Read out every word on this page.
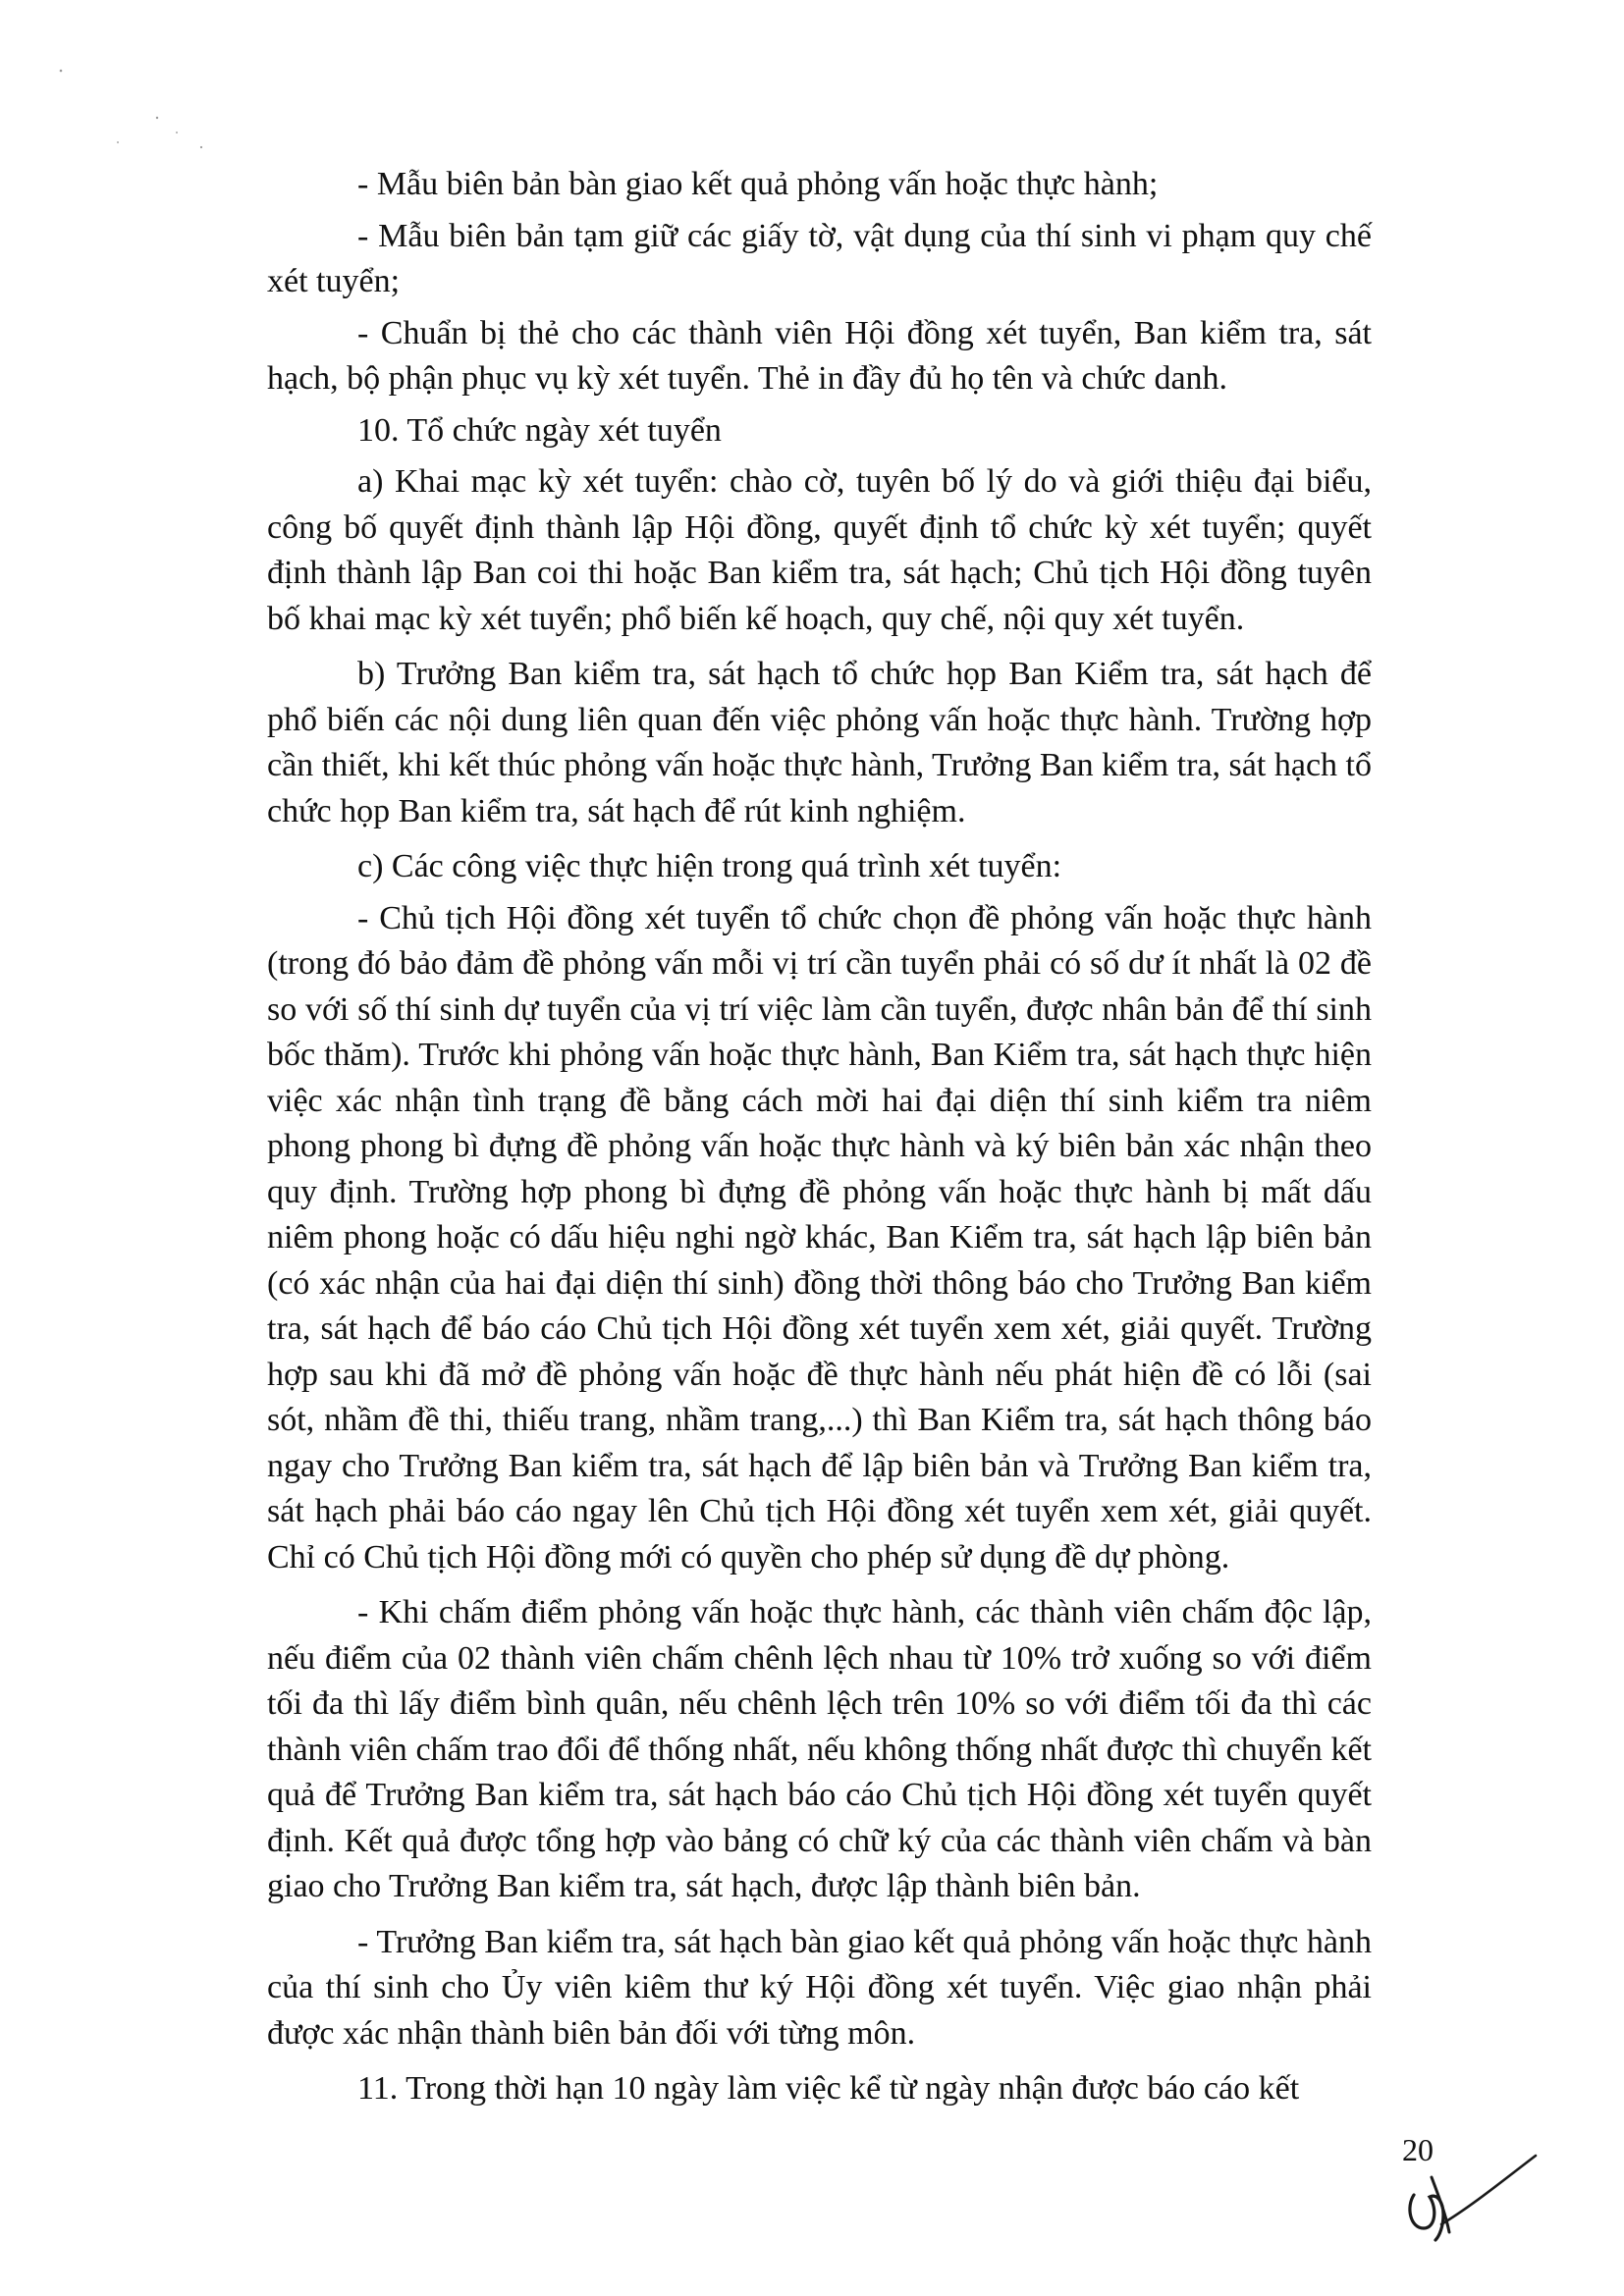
- Mẫu biên bản bàn giao kết quả phỏng vấn hoặc thực hành;

- Mẫu biên bản tạm giữ các giấy tờ, vật dụng của thí sinh vi phạm quy chế xét tuyển;

- Chuẩn bị thẻ cho các thành viên Hội đồng xét tuyển, Ban kiểm tra, sát hạch, bộ phận phục vụ kỳ xét tuyển. Thẻ in đầy đủ họ tên và chức danh.

10. Tổ chức ngày xét tuyển

a) Khai mạc kỳ xét tuyển: chào cờ, tuyên bố lý do và giới thiệu đại biểu, công bố quyết định thành lập Hội đồng, quyết định tổ chức kỳ xét tuyển; quyết định thành lập Ban coi thi hoặc Ban kiểm tra, sát hạch; Chủ tịch Hội đồng tuyên bố khai mạc kỳ xét tuyển; phổ biến kế hoạch, quy chế, nội quy xét tuyển.

b) Trưởng Ban kiểm tra, sát hạch tổ chức họp Ban Kiểm tra, sát hạch để phổ biến các nội dung liên quan đến việc phỏng vấn hoặc thực hành. Trường hợp cần thiết, khi kết thúc phỏng vấn hoặc thực hành, Trưởng Ban kiểm tra, sát hạch tổ chức họp Ban kiểm tra, sát hạch để rút kinh nghiệm.

c) Các công việc thực hiện trong quá trình xét tuyển:

- Chủ tịch Hội đồng xét tuyển tổ chức chọn đề phỏng vấn hoặc thực hành (trong đó bảo đảm đề phỏng vấn mỗi vị trí cần tuyển phải có số dư ít nhất là 02 đề so với số thí sinh dự tuyển của vị trí việc làm cần tuyển, được nhân bản để thí sinh bốc thăm). Trước khi phỏng vấn hoặc thực hành, Ban Kiểm tra, sát hạch thực hiện việc xác nhận tình trạng đề bằng cách mời hai đại diện thí sinh kiểm tra niêm phong phong bì đựng đề phỏng vấn hoặc thực hành và ký biên bản xác nhận theo quy định. Trường hợp phong bì đựng đề phỏng vấn hoặc thực hành bị mất dấu niêm phong hoặc có dấu hiệu nghi ngờ khác, Ban Kiểm tra, sát hạch lập biên bản (có xác nhận của hai đại diện thí sinh) đồng thời thông báo cho Trưởng Ban kiểm tra, sát hạch để báo cáo Chủ tịch Hội đồng xét tuyển xem xét, giải quyết. Trường hợp sau khi đã mở đề phỏng vấn hoặc đề thực hành nếu phát hiện đề có lỗi (sai sót, nhầm đề thi, thiếu trang, nhầm trang,...) thì Ban Kiểm tra, sát hạch thông báo ngay cho Trưởng Ban kiểm tra, sát hạch để lập biên bản và Trưởng Ban kiểm tra, sát hạch phải báo cáo ngay lên Chủ tịch Hội đồng xét tuyển xem xét, giải quyết. Chỉ có Chủ tịch Hội đồng mới có quyền cho phép sử dụng đề dự phòng.

- Khi chấm điểm phỏng vấn hoặc thực hành, các thành viên chấm độc lập, nếu điểm của 02 thành viên chấm chênh lệch nhau từ 10% trở xuống so với điểm tối đa thì lấy điểm bình quân, nếu chênh lệch trên 10% so với điểm tối đa thì các thành viên chấm trao đổi để thống nhất, nếu không thống nhất được thì chuyển kết quả để Trưởng Ban kiểm tra, sát hạch báo cáo Chủ tịch Hội đồng xét tuyển quyết định. Kết quả được tổng hợp vào bảng có chữ ký của các thành viên chấm và bàn giao cho Trưởng Ban kiểm tra, sát hạch, được lập thành biên bản.

- Trưởng Ban kiểm tra, sát hạch bàn giao kết quả phỏng vấn hoặc thực hành của thí sinh cho Ủy viên kiêm thư ký Hội đồng xét tuyển. Việc giao nhận phải được xác nhận thành biên bản đối với từng môn.

11. Trong thời hạn 10 ngày làm việc kể từ ngày nhận được báo cáo kết

20
